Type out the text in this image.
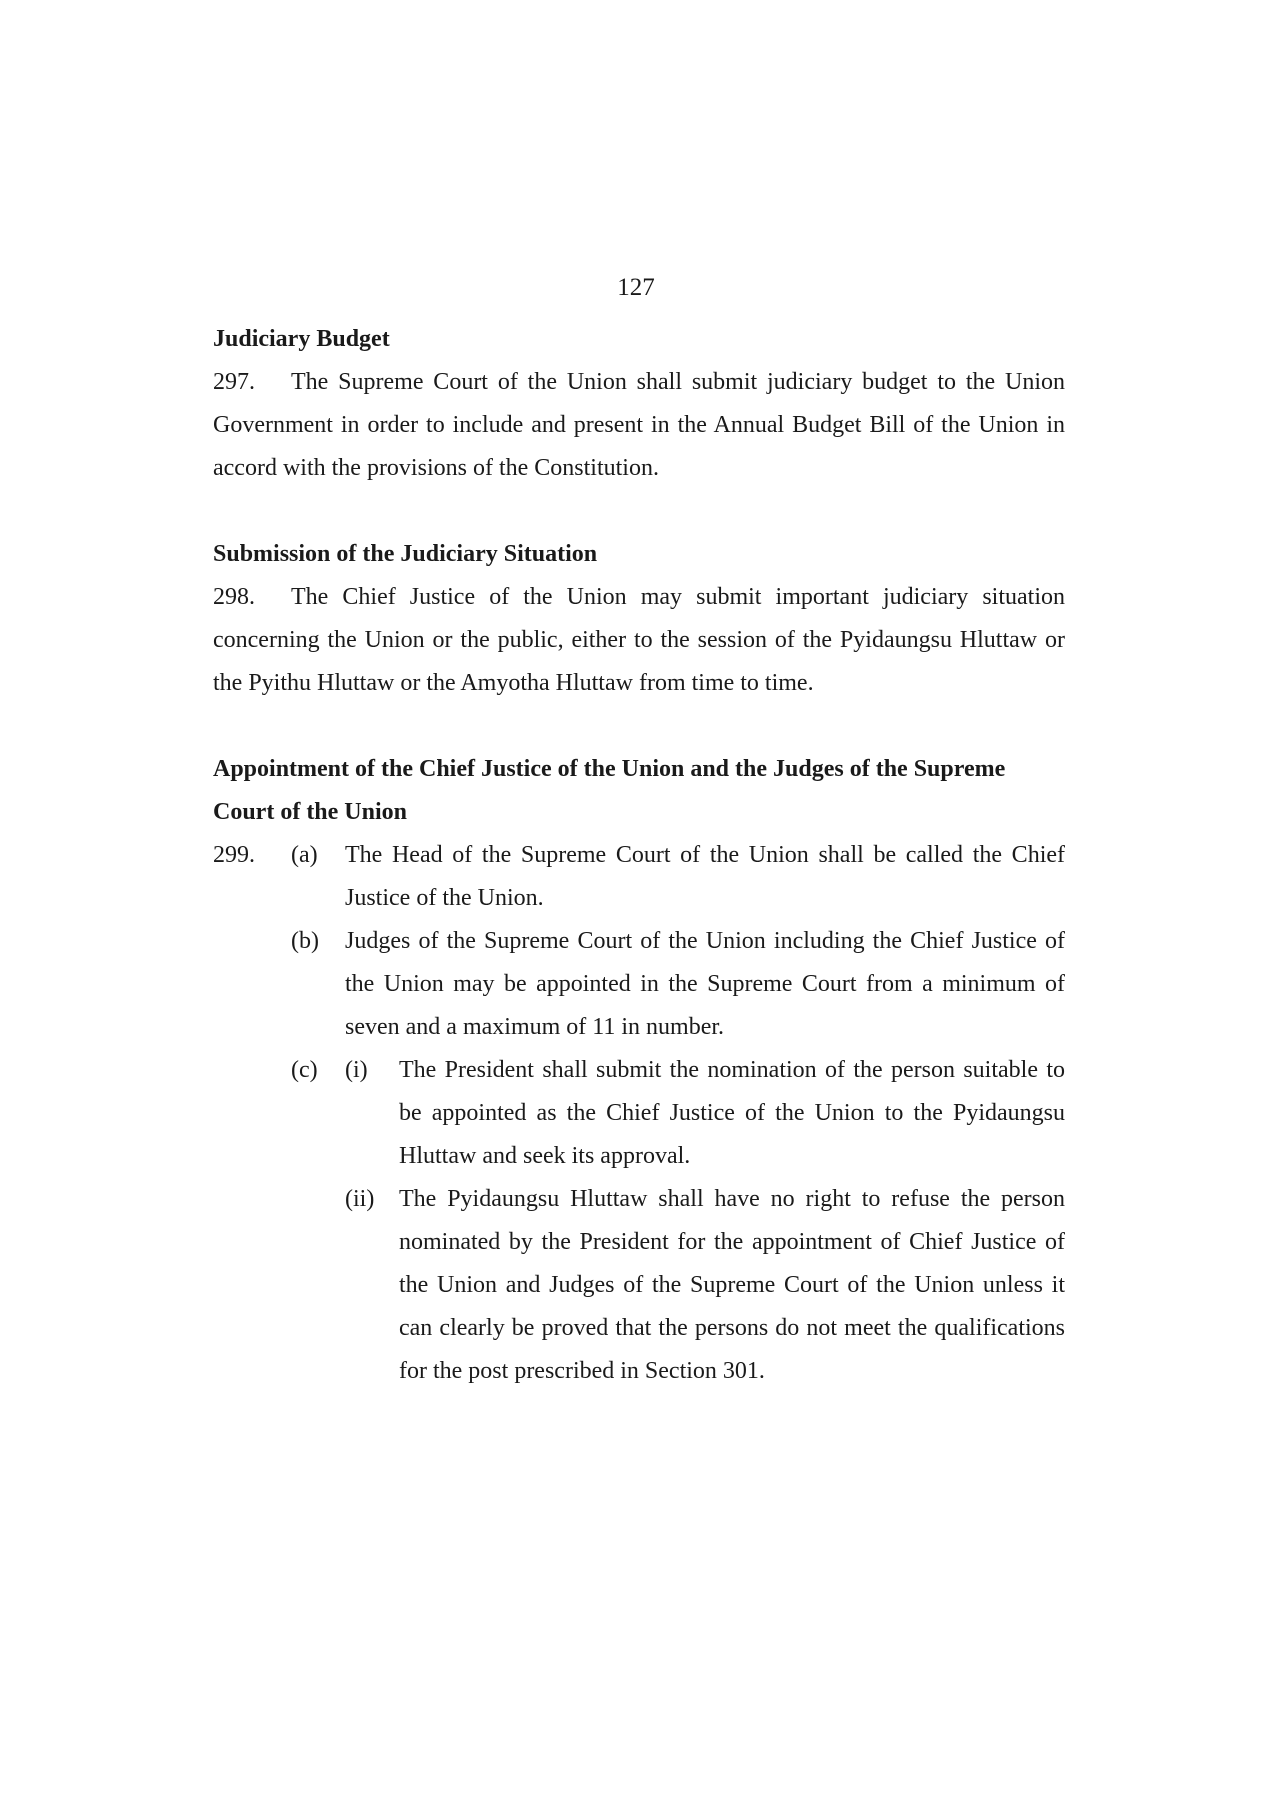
127

Judiciary Budget

297. The Supreme Court of the Union shall submit judiciary budget to the Union Government in order to include and present in the Annual Budget Bill of the Union in accord with the provisions of the Constitution.

Submission of the Judiciary Situation

298. The Chief Justice of the Union may submit important judiciary situation concerning the Union or the public, either to the session of the Pyidaungsu Hluttaw or the Pyithu Hluttaw or the Amyotha Hluttaw from time to time.

Appointment of the Chief Justice of the Union and the Judges of the Supreme Court of the Union

299.	(a)	The Head of the Supreme Court of the Union shall be called the Chief Justice of the Union.
(b)	Judges of the Supreme Court of the Union including the Chief Justice of the Union may be appointed in the Supreme Court from a minimum of seven and a maximum of 11 in number.
(c)	(i)	The President shall submit the nomination of the person suitable to be appointed as the Chief Justice of the Union to the Pyidaungsu Hluttaw and seek its approval.
(ii)	The Pyidaungsu Hluttaw shall have no right to refuse the person nominated by the President for the appointment of Chief Justice of the Union and Judges of the Supreme Court of the Union unless it can clearly be proved that the persons do not meet the qualifications for the post prescribed in Section 301.
